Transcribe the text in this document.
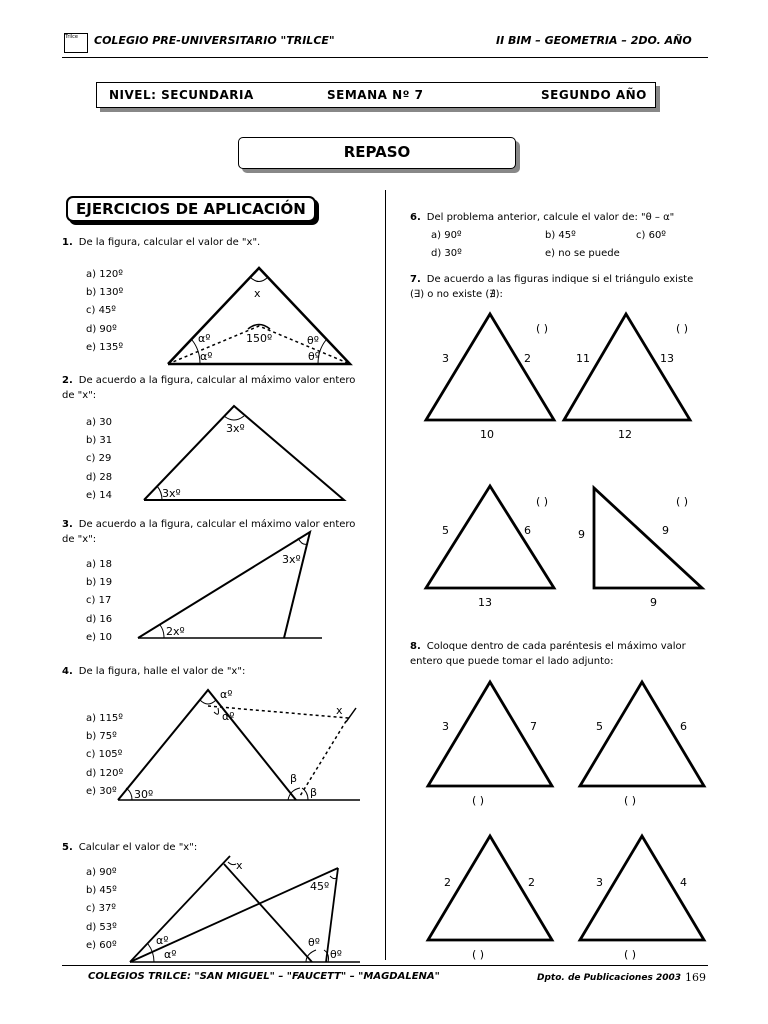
Trilce	COLEGIO PRE-UNIVERSITARIO "TRILCE"	II BIM – GEOMETRIA – 2DO. AÑO
NIVEL: SECUNDARIA	SEMANA Nº 7	SEGUNDO AÑO
REPASO
EJERCICIOS DE APLICACIÓN
1. De la figura, calcular el valor de "x".
a) 120º
b) 130º
c) 45º
d) 90º
e) 135º
x
αº
αº
θº
θº
150º
2. De acuerdo a la figura, calcular al máximo valor entero de "x":
a) 30
b) 31
c) 29
d) 28
e) 14
3xº
3xº
3. De acuerdo a la figura, calcular el máximo valor entero de "x":
a) 18
b) 19
c) 17
d) 16
e) 10
3xº
2xº
4. De la figura, halle el valor de "x":
a) 115º
b) 75º
c) 105º
d) 120º
e) 30º
αº
αº	x
β
β
30º
5. Calcular el valor de "x":
a) 90º
b) 45º
c) 37º
d) 53º
e) 60º
x
45º
αº
αº
θº
θº
6. Del problema anterior, calcule el valor de: "θ – α"
a) 90º	b) 45º	c) 60º
d) 30º	e) no se puede
7. De acuerdo a las figuras indique si el triángulo existe (∃) o no existe (∄):
( )
3	2
10
( )
11	13
12
( )
5	6
13
( )
9	9
9
8. Coloque dentro de cada paréntesis el máximo valor entero que puede tomar el lado adjunto:
3	7
( )
5	6
( )
2	2
( )
3	4
( )
COLEGIOS TRILCE: "SAN MIGUEL" – "FAUCETT" – "MAGDALENA"	Dpto. de Publicaciones 2003 169
